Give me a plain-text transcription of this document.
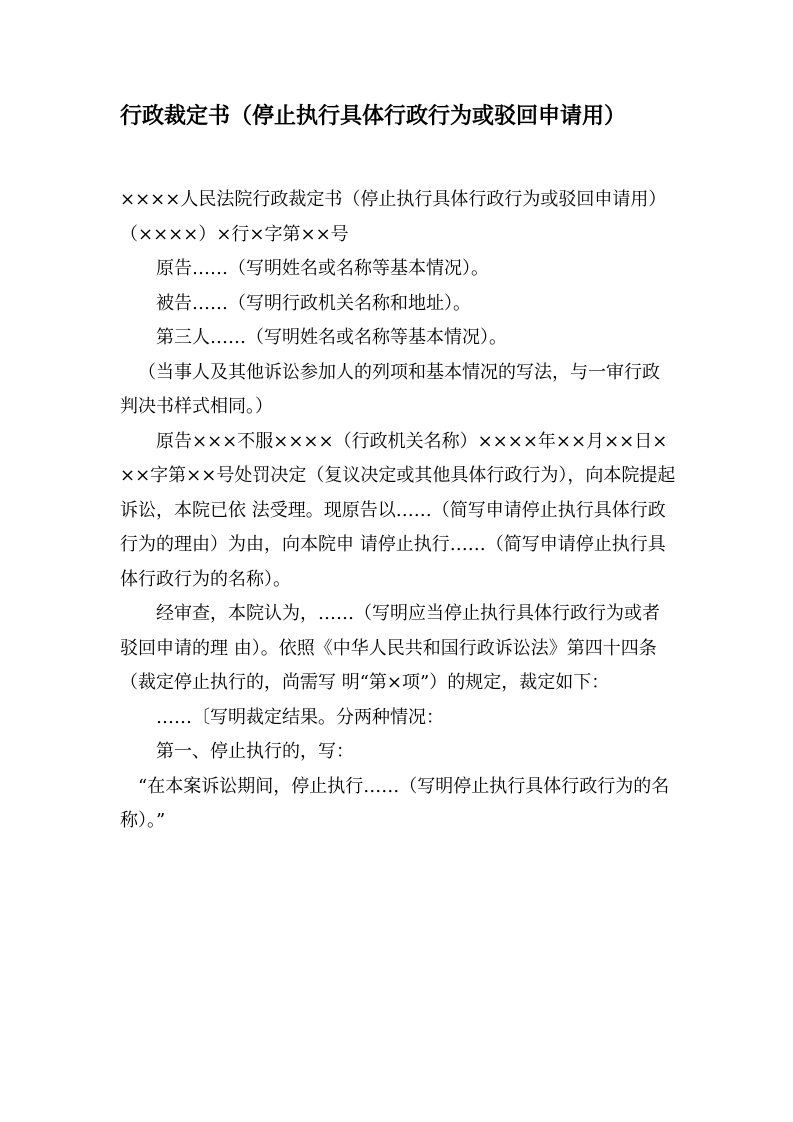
行政裁定书（停止执行具体行政行为或驳回申请用）

××××人民法院行政裁定书（停止执行具体行政行为或驳回申请用）

（××××）×行×字第××号

原告……（写明姓名或名称等基本情况）。

被告……（写明行政机关名称和地址）。

第三人……（写明姓名或名称等基本情况）。

（当事人及其他诉讼参加人的列项和基本情况的写法，与一审行政判决书样式相同。）

原告×××不服××××（行政机关名称）××××年××月××日×××字第××号处罚决定（复议决定或其他具体行政行为），向本院提起诉讼，本院已依 法受理。现原告以……（简写申请停止执行具体行政行为的理由）为由，向本院申 请停止执行……（简写申请停止执行具体行政行为的名称）。

经审查，本院认为，……（写明应当停止执行具体行政行为或者驳回申请的理 由）。依照《中华人民共和国行政诉讼法》第四十四条（裁定停止执行的，尚需写 明“第×项”）的规定，裁定如下：

……〔写明裁定结果。分两种情况：

第一、停止执行的，写：

“在本案诉讼期间，停止执行……（写明停止执行具体行政行为的名称）。”
